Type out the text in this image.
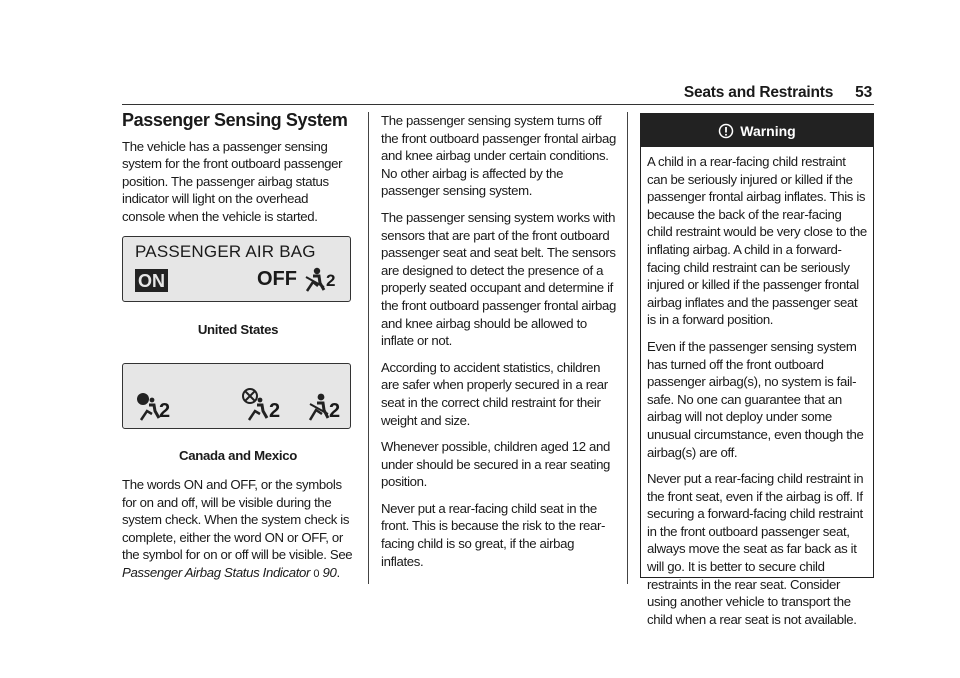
Seats and Restraints 53
Passenger Sensing System

The vehicle has a passenger sensing system for the front outboard passenger position. The passenger airbag status indicator will light on the overhead console when the vehicle is started.

PASSENGER AIR BAG
ON	OFF 2
United States
2	2 2
Canada and Mexico
The words ON and OFF, or the symbols for on and off, will be visible during the system check. When the system check is complete, either the word ON or OFF, or the symbol for on or off will be visible. See Passenger Airbag Status Indicator 0 90.

The passenger sensing system turns off the front outboard passenger frontal airbag and knee airbag under certain conditions. No other airbag is affected by the passenger sensing system.

The passenger sensing system works with sensors that are part of the front outboard passenger seat and seat belt. The sensors are designed to detect the presence of a properly seated occupant and determine if the front outboard passenger frontal airbag and knee airbag should be allowed to inflate or not.

According to accident statistics, children are safer when properly secured in a rear seat in the correct child restraint for their weight and size.

Whenever possible, children aged 12 and under should be secured in a rear seating position.

Never put a rear-facing child seat in the front. This is because the risk to the rear-facing child is so great, if the airbag inflates.

Warning

A child in a rear-facing child restraint can be seriously injured or killed if the passenger frontal airbag inflates. This is because the back of the rear-facing child restraint would be very close to the inflating airbag. A child in a forward-facing child restraint can be seriously injured or killed if the passenger frontal airbag inflates and the passenger seat is in a forward position.

Even if the passenger sensing system has turned off the front outboard passenger airbag(s), no system is fail-safe. No one can guarantee that an airbag will not deploy under some unusual circumstance, even though the airbag(s) are off.

Never put a rear-facing child restraint in the front seat, even if the airbag is off. If securing a forward-facing child restraint in the front outboard passenger seat, always move the seat as far back as it will go. It is better to secure child restraints in the rear seat. Consider using another vehicle to transport the child when a rear seat is not available.
